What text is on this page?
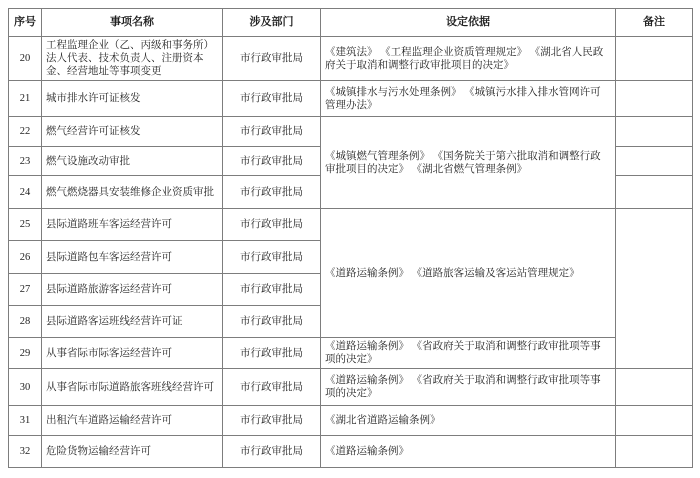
序号	事项名称	涉及部门	设定依据	备注
20	工程监理企业（乙、丙级和事务所）法人代表、技术负责人、注册资本金、经营地址等事项变更	市行政审批局	《建筑法》 《工程监理企业资质管理规定》 《湖北省人民政府关于取消和调整行政审批项目的决定》	
21	城市排水许可证核发	市行政审批局	《城镇排水与污水处理条例》 《城镇污水排入排水管网许可管理办法》	
22	燃气经营许可证核发	市行政审批局	《城镇燃气管理条例》 《国务院关于第六批取消和调整行政审批项目的决定》 《湖北省燃气管理条例》	
23	燃气设施改动审批	市行政审批局		
24	燃气燃烧器具安装维修企业资质审批	市行政审批局		
25	县际道路班车客运经营许可	市行政审批局	《道路运输条例》 《道路旅客运输及客运站管理规定》	
26	县际道路包车客运经营许可	市行政审批局		
27	县际道路旅游客运经营许可	市行政审批局		
28	县际道路客运班线经营许可证	市行政审批局		
29	从事省际市际客运经营许可	市行政审批局	《道路运输条例》 《省政府关于取消和调整行政审批项等事项的决定》	
30	从事省际市际道路旅客班线经营许可	市行政审批局	《道路运输条例》 《省政府关于取消和调整行政审批项等事项的决定》	
31	出租汽车道路运输经营许可	市行政审批局	《湖北省道路运输条例》	
32	危险货物运输经营许可	市行政审批局	《道路运输条例》	
